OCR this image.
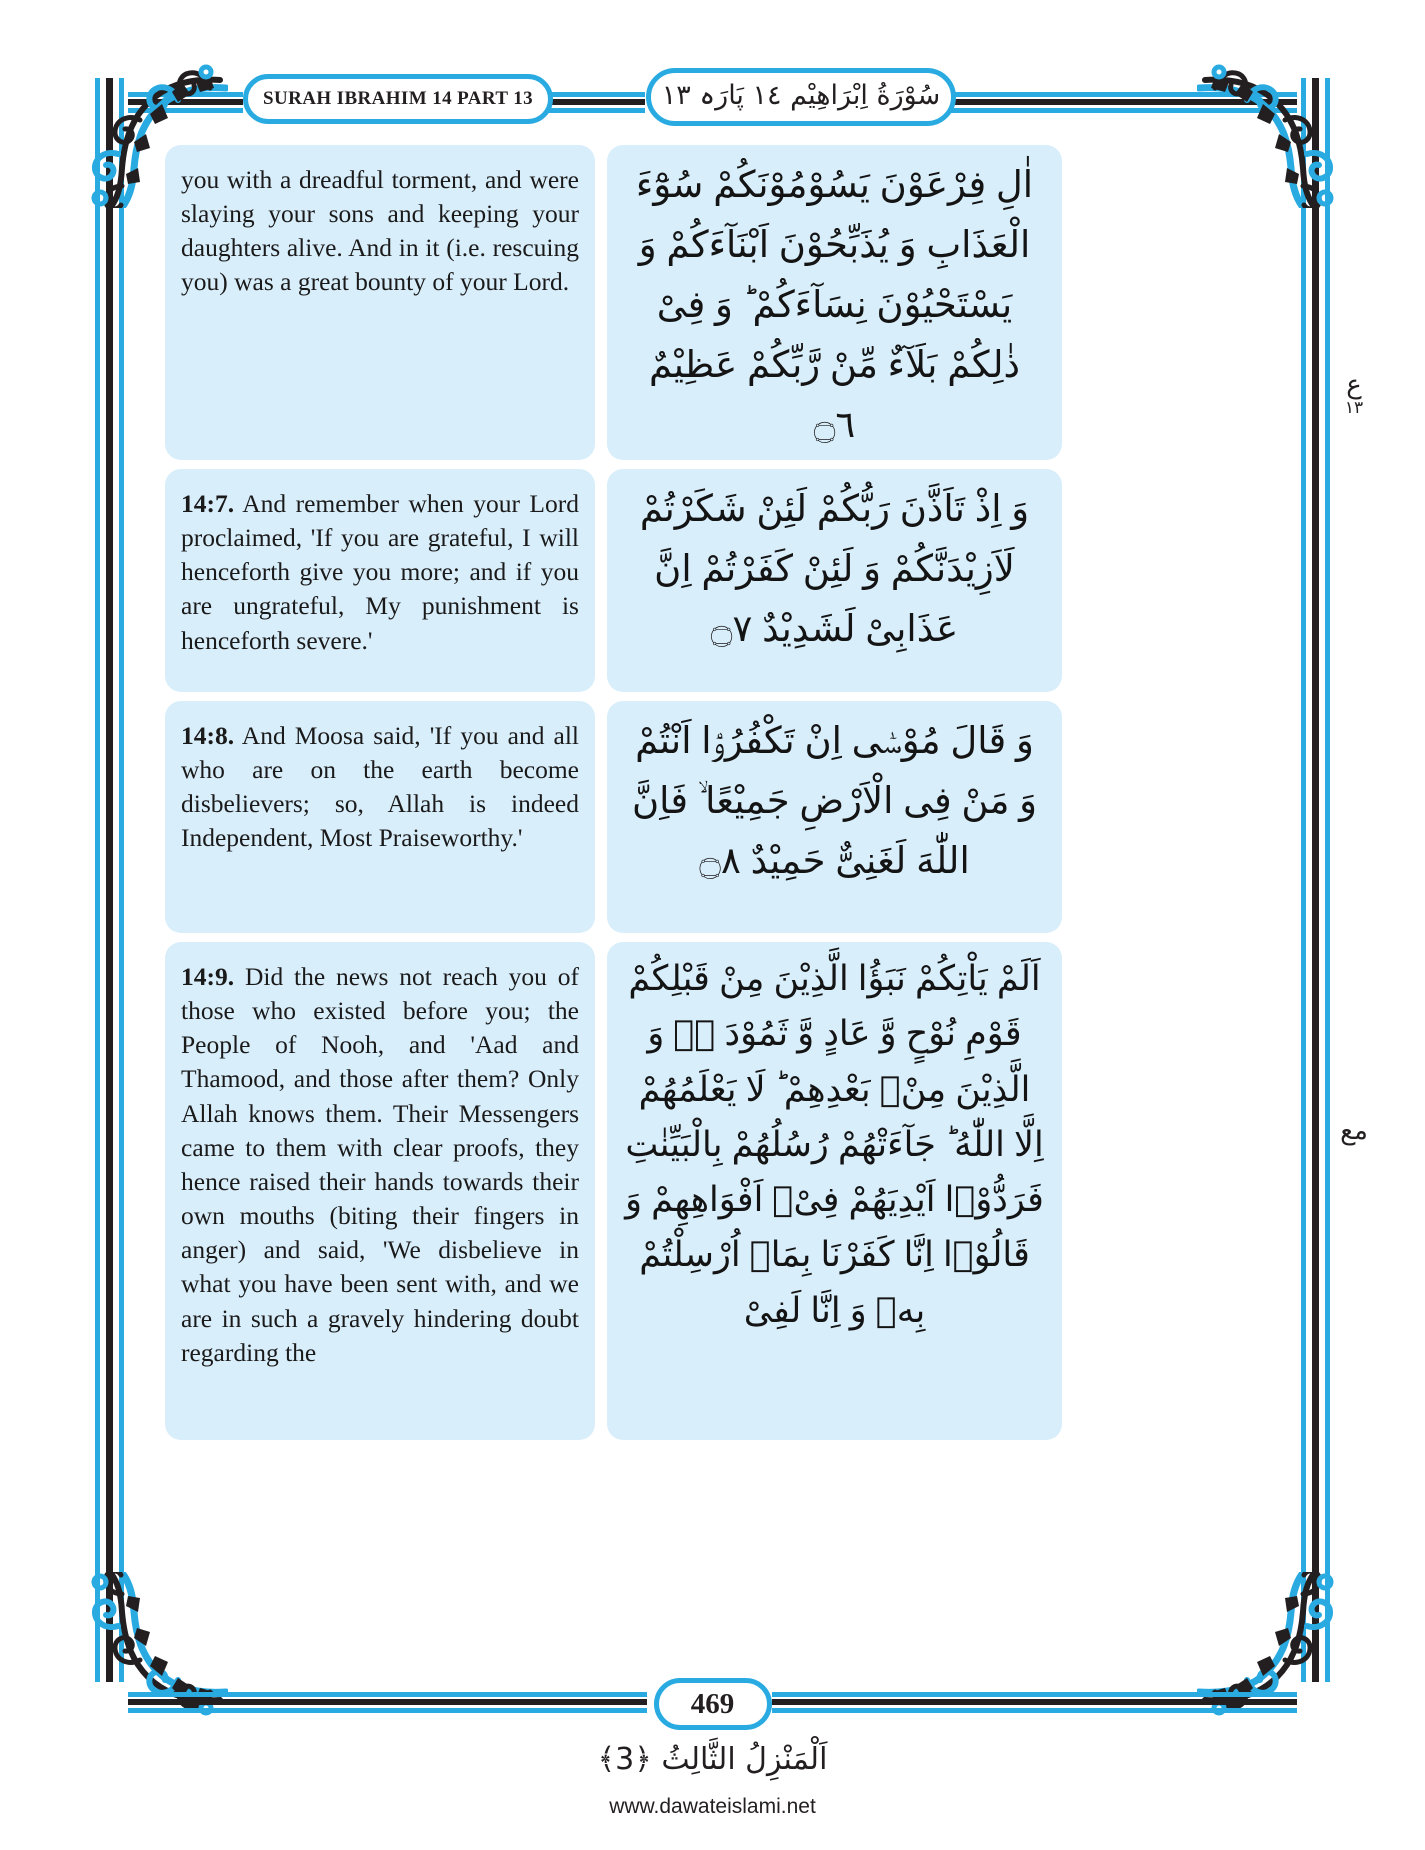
SURAH IBRAHIM 14 PART 13	سُوْرَةُ اِبْرَاهِيْم ١٤ پَارَہ ١٣
you with a dreadful torment, and were slaying your sons and keeping your daughters alive. And in it (i.e. rescuing you) was a great bounty of your Lord.
اٰلِ فِرْعَوْنَ يَسُوْمُوْنَكُمْ سُوْٓءَ الْعَذَابِ وَ يُذَبِّحُوْنَ اَبْنَآءَكُمْ وَ يَسْتَحْيُوْنَ نِسَآءَكُمْ ؕ وَ فِىْ ذٰلِكُمْ بَلَآءٌ مِّنْ رَّبِّكُمْ عَظِيْمٌ ۝٦
14:7. And remember when your Lord proclaimed, 'If you are grateful, I will henceforth give you more; and if you are ungrateful, My punishment is henceforth severe.'
وَ اِذْ تَاَذَّنَ رَبُّكُمْ لَئِنْ شَكَرْتُمْ لَاَزِيْدَنَّكُمْ وَ لَئِنْ كَفَرْتُمْ اِنَّ عَذَابِىْ لَشَدِيْدٌ ۝٧
14:8. And Moosa said, 'If you and all who are on the earth become disbelievers; so, Allah is indeed Independent, Most Praiseworthy.'
وَ قَالَ مُوْسٰۤى اِنْ تَكْفُرُوْۤا اَنْتُمْ وَ مَنْ فِى الْاَرْضِ جَمِيْعًا ۙ فَاِنَّ اللّٰهَ لَغَنِىٌّ حَمِيْدٌ ۝٨
14:9. Did the news not reach you of those who existed before you; the People of Nooh, and 'Aad and Thamood, and those after them? Only Allah knows them. Their Messengers came to them with clear proofs, they hence raised their hands towards their own mouths (biting their fingers in anger) and said, 'We disbelieve in what you have been sent with, and we are in such a gravely hindering doubt regarding the
اَلَمْ يَاْتِكُمْ نَبَؤُا الَّذِيْنَ مِنْ قَبْلِكُمْ قَوْمِ نُوْحٍ وَّ عَادٍ وَّ ثَمُوْدَ ۚ۬ وَ الَّذِيْنَ مِنْۢ بَعْدِهِمْ ؕ لَا يَعْلَمُهُمْ اِلَّا اللّٰهُ ؕ جَآءَتْهُمْ رُسُلُهُمْ بِالْبَيِّنٰتِ فَرَدُّوْۤا اَيْدِيَهُمْ فِىْۤ اَفْوَاهِهِمْ وَ قَالُوْۤا اِنَّا كَفَرْنَا بِمَاۤ اُرْسِلْتُمْ بِهٖ وَ اِنَّا لَفِىْ
ع
١٣
مع
469
اَلْمَنْزِلُ الثَّالِثُ ﴿3﴾
www.dawateislami.net
